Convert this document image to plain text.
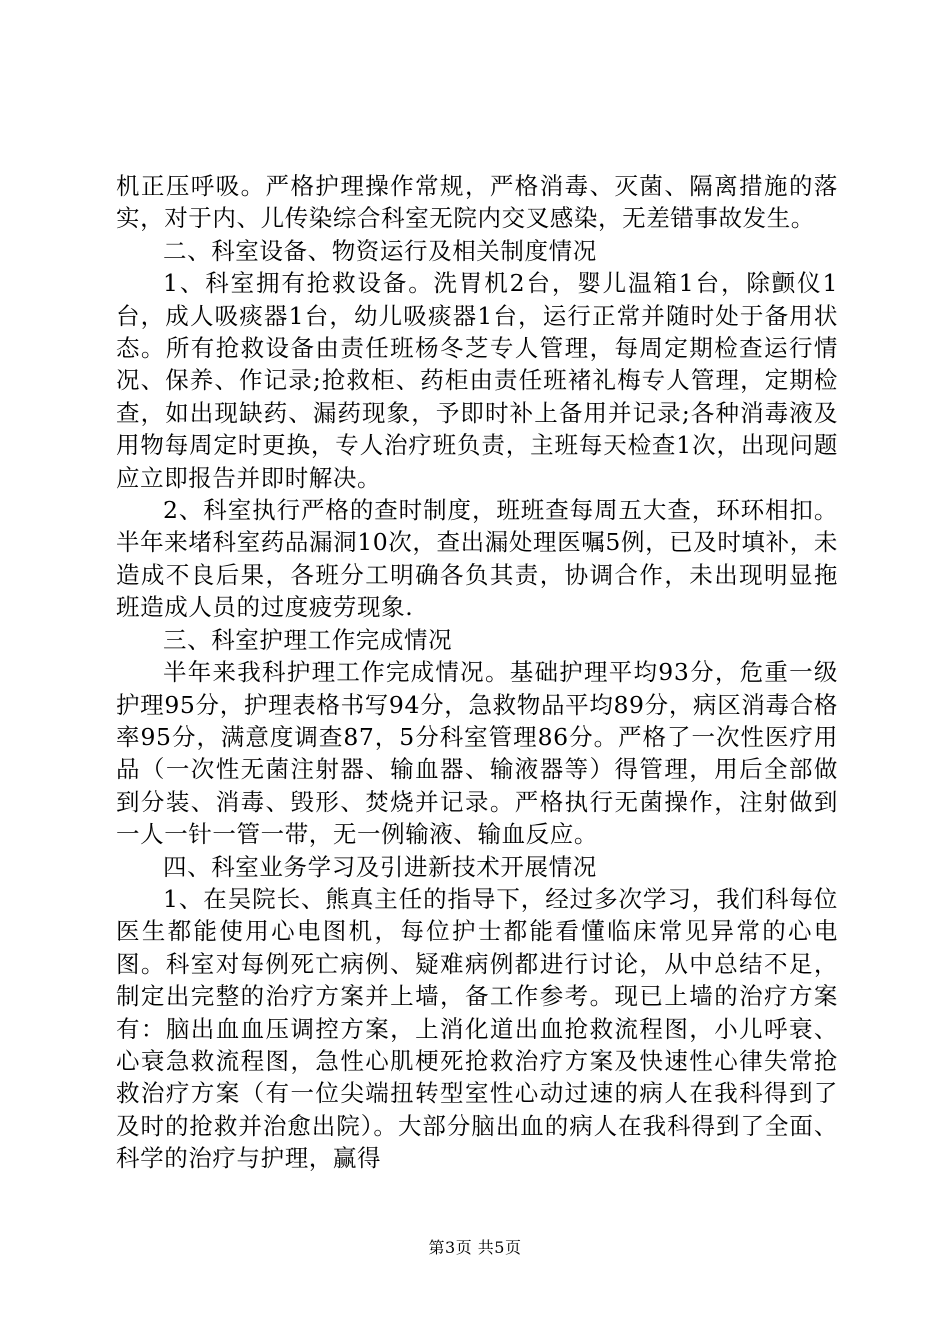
机正压呼吸。严格护理操作常规，严格消毒、灭菌、隔离措施的落实，对于内、儿传染综合科室无院内交叉感染，无差错事故发生。

二、科室设备、物资运行及相关制度情况

1、科室拥有抢救设备。洗胃机2台，婴儿温箱1台，除颤仪1台，成人吸痰器1台，幼儿吸痰器1台，运行正常并随时处于备用状态。所有抢救设备由责任班杨冬芝专人管理，每周定期检查运行情况、保养、作记录;抢救柜、药柜由责任班褚礼梅专人管理，定期检查，如出现缺药、漏药现象，予即时补上备用并记录;各种消毒液及用物每周定时更换，专人治疗班负责，主班每天检查1次，出现问题应立即报告并即时解决。

2、科室执行严格的查时制度，班班查每周五大查，环环相扣。半年来堵科室药品漏洞10次，查出漏处理医嘱5例，已及时填补，未造成不良后果，各班分工明确各负其责，协调合作，未出现明显拖班造成人员的过度疲劳现象.

三、科室护理工作完成情况

半年来我科护理工作完成情况。基础护理平均93分，危重一级护理95分，护理表格书写94分，急救物品平均89分，病区消毒合格率95分，满意度调查87，5分科室管理86分。严格了一次性医疗用品（一次性无菌注射器、输血器、输液器等）得管理，用后全部做到分装、消毒、毁形、焚烧并记录。严格执行无菌操作，注射做到一人一针一管一带，无一例输液、输血反应。

四、科室业务学习及引进新技术开展情况

1、在吴院长、熊真主任的指导下，经过多次学习，我们科每位医生都能使用心电图机，每位护士都能看懂临床常见异常的心电图。科室对每例死亡病例、疑难病例都进行讨论，从中总结不足，制定出完整的治疗方案并上墙，备工作参考。现已上墙的治疗方案有：脑出血血压调控方案，上消化道出血抢救流程图，小儿呼衰、心衰急救流程图，急性心肌梗死抢救治疗方案及快速性心律失常抢救治疗方案（有一位尖端扭转型室性心动过速的病人在我科得到了及时的抢救并治愈出院）。大部分脑出血的病人在我科得到了全面、科学的治疗与护理，赢得

第3页 共5页
